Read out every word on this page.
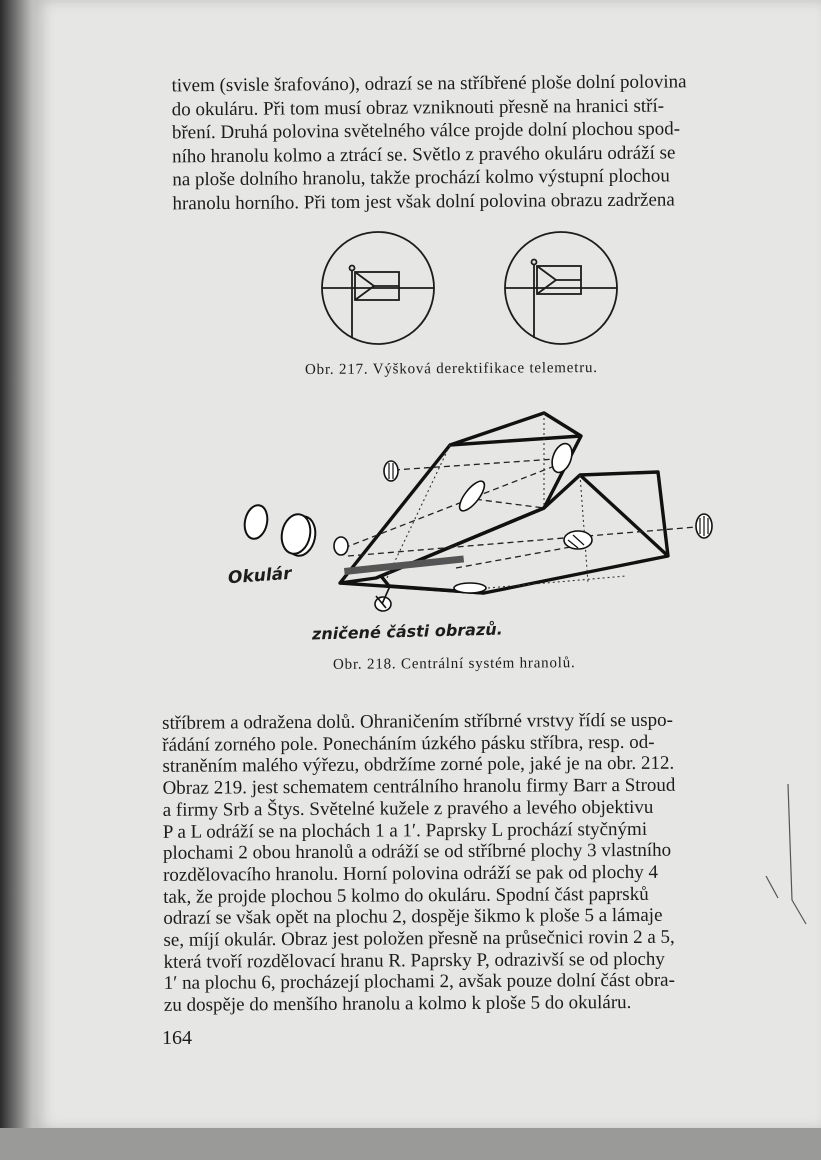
tivem (svisle šrafováno), odrazí se na stříbřené ploše dolní polovina
do okuláru. Při tom musí obraz vzniknouti přesně na hranici stří-
bření. Druhá polovina světelného válce projde dolní plochou spod-
ního hranolu kolmo a ztrácí se. Světlo z pravého okuláru odráží se
na ploše dolního hranolu, takže prochází kolmo výstupní plochou
hranolu horního. Při tom jest však dolní polovina obrazu zadržena
Obr. 217. Výšková derektifikace telemetru.
Okulár
zničené části obrazů.
Obr. 218. Centrální systém hranolů.
stříbrem a odražena dolů. Ohraničením stříbrné vrstvy řídí se uspo-
řádání zorného pole. Ponecháním úzkého pásku stříbra, resp. od-
straněním malého výřezu, obdržíme zorné pole, jaké je na obr. 212.
Obraz 219. jest schematem centrálního hranolu firmy Barr a Stroud
a firmy Srb a Štys. Světelné kužele z pravého a levého objektivu
P a L odráží se na plochách 1 a 1′. Paprsky L prochází styčnými
plochami 2 obou hranolů a odráží se od stříbrné plochy 3 vlastního
rozdělovacího hranolu. Horní polovina odráží se pak od plochy 4
tak, že projde plochou 5 kolmo do okuláru. Spodní část paprsků
odrazí se však opět na plochu 2, dospěje šikmo k ploše 5 a lámaje
se, míjí okulár. Obraz jest položen přesně na průsečnici rovin 2 a 5,
která tvoří rozdělovací hranu R. Paprsky P, odrazivší se od plochy
1′ na plochu 6, procházejí plochami 2, avšak pouze dolní část obra-
zu dospěje do menšího hranolu a kolmo k ploše 5 do okuláru.
164
